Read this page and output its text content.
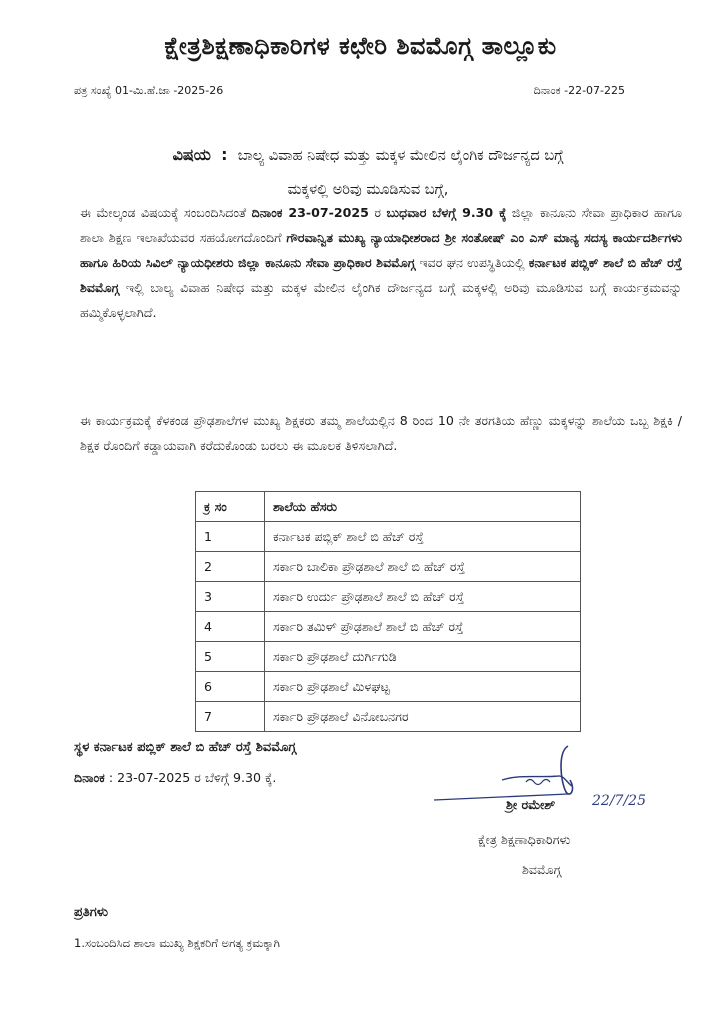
ಕ್ಷೇತ್ರಶಿಕ್ಷಣಾಧಿಕಾರಿಗಳ ಕಛೇರಿ ಶಿವಮೊಗ್ಗ ತಾಲ್ಲೂಕು
ಪತ್ರ ಸಂಖ್ಯೆ 01-ಮಿ.ಹೆ.ಜಾ -2025-26	ದಿನಾಂಕ -22-07-225
ವಿಷಯ  :  ಬಾಲ್ಯ ವಿವಾಹ ನಿಷೇಧ ಮತ್ತು ಮಕ್ಕಳ ಮೇಲಿನ ಲೈಂಗಿಕ ದೌರ್ಜನ್ಯದ ಬಗ್ಗೆ
ಮಕ್ಕಳಲ್ಲಿ ಅರಿವು ಮೂಡಿಸುವ ಬಗ್ಗೆ,
ಈ ಮೇಲ್ಕಂಡ ವಿಷಯಕ್ಕೆ ಸಂಬಂದಿಸಿದಂತೆ ದಿನಾಂಕ 23-07-2025 ರ ಬುಧವಾರ ಬೆಳಗ್ಗೆ 9.30 ಕ್ಕೆ ಜಿಲ್ಲಾ ಕಾನೂನು ಸೇವಾ ಪ್ರಾಧಿಕಾರ ಹಾಗೂ ಶಾಲಾ ಶಿಕ್ಷಣ ಇಲಾಖೆಯವರ ಸಹಯೋಗದೊಂದಿಗೆ ಗೌರವಾನ್ವಿತ ಮುಖ್ಯ ನ್ಯಾಯಾಧೀಶರಾದ ಶ್ರೀ ಸಂತೋಷ್ ಎಂ ಎಸ್ ಮಾನ್ಯ ಸದಸ್ಯ ಕಾರ್ಯದರ್ಶಿಗಳು ಹಾಗೂ ಹಿರಿಯ ಸಿವಿಲ್ ನ್ಯಾಯಧೀಶರು ಜಿಲ್ಲಾ ಕಾನೂನು ಸೇವಾ ಪ್ರಾಧಿಕಾರ ಶಿವಮೊಗ್ಗ ಇವರ ಘನ ಉಪಸ್ಥಿತಿಯಲ್ಲಿ ಕರ್ನಾಟಕ ಪಬ್ಲಿಕ್ ಶಾಲೆ ಬಿ ಹೆಚ್ ರಸ್ತೆ ಶಿವಮೊಗ್ಗ ಇಲ್ಲಿ ಬಾಲ್ಯ ವಿವಾಹ ನಿಷೇಧ ಮತ್ತು ಮಕ್ಕಳ ಮೇಲಿನ ಲೈಂಗಿಕ ದೌರ್ಜನ್ಯದ ಬಗ್ಗೆ ಮಕ್ಕಳಲ್ಲಿ ಅರಿವು ಮೂಡಿಸುವ ಬಗ್ಗೆ ಕಾರ್ಯಕ್ರಮವನ್ನು ಹಮ್ಮಿಕೊಳ್ಳಲಾಗಿದೆ.
ಈ ಕಾರ್ಯಕ್ರಮಕ್ಕೆ ಕೆಳಕಂಡ ಪ್ರೌಢಶಾಲೆಗಳ ಮುಖ್ಯ ಶಿಕ್ಷಕರು ತಮ್ಮ ಶಾಲೆಯಲ್ಲಿನ 8 ರಿಂದ 10 ನೇ ತರಗತಿಯ ಹೆಣ್ಣು ಮಕ್ಕಳನ್ನು ಶಾಲೆಯ ಒಬ್ಬ ಶಿಕ್ಷಕಿ /ಶಿಕ್ಷಕ ರೊಂದಿಗೆ ಕಡ್ಡಾಯವಾಗಿ ಕರೆದುಕೊಂಡು ಬರಲು ಈ ಮೂಲಕ ತಿಳಿಸಲಾಗಿದೆ.
ಕ್ರ ಸಂ	ಶಾಲೆಯ ಹೆಸರು
1	ಕರ್ನಾಟಕ ಪಬ್ಲಿಕ್ ಶಾಲೆ ಬಿ ಹೆಚ್ ರಸ್ತೆ
2	ಸರ್ಕಾರಿ ಬಾಲಿಕಾ ಪ್ರೌಢಶಾಲೆ ಶಾಲೆ ಬಿ ಹೆಚ್ ರಸ್ತೆ
3	ಸರ್ಕಾರಿ ಉರ್ದು ಪ್ರೌಢಶಾಲೆ ಶಾಲೆ ಬಿ ಹೆಚ್ ರಸ್ತೆ
4	ಸರ್ಕಾರಿ ತಮಿಳ್ ಪ್ರೌಢಶಾಲೆ ಶಾಲೆ ಬಿ ಹೆಚ್ ರಸ್ತೆ
5	ಸರ್ಕಾರಿ ಪ್ರೌಢಶಾಲೆ ದುರ್ಗಿಗುಡಿ
6	ಸರ್ಕಾರಿ ಪ್ರೌಢಶಾಲೆ ಮಿಳಘಟ್ಟ
7	ಸರ್ಕಾರಿ ಪ್ರೌಢಶಾಲೆ ವಿನೋಬನಗರ
ಸ್ಥಳ ಕರ್ನಾಟಕ ಪಬ್ಲಿಕ್ ಶಾಲೆ ಬಿ ಹೆಚ್ ರಸ್ತೆ ಶಿವಮೊಗ್ಗ
ದಿನಾಂಕ : 23-07-2025 ರ ಬೆಳಿಗ್ಗೆ 9.30 ಕ್ಕೆ.
ಶ್ರೀ ರಮೇಶ್	22/7/25
ಕ್ಷೇತ್ರ ಶಿಕ್ಷಣಾಧಿಕಾರಿಗಳು
ಶಿವಮೊಗ್ಗ
ಪ್ರತಿಗಳು
1.ಸಂಬಂದಿಸಿದ ಶಾಲಾ ಮುಖ್ಯ ಶಿಕ್ಷಕರಿಗೆ ಅಗತ್ಯ ಕ್ರಮಕ್ಕಾಗಿ
